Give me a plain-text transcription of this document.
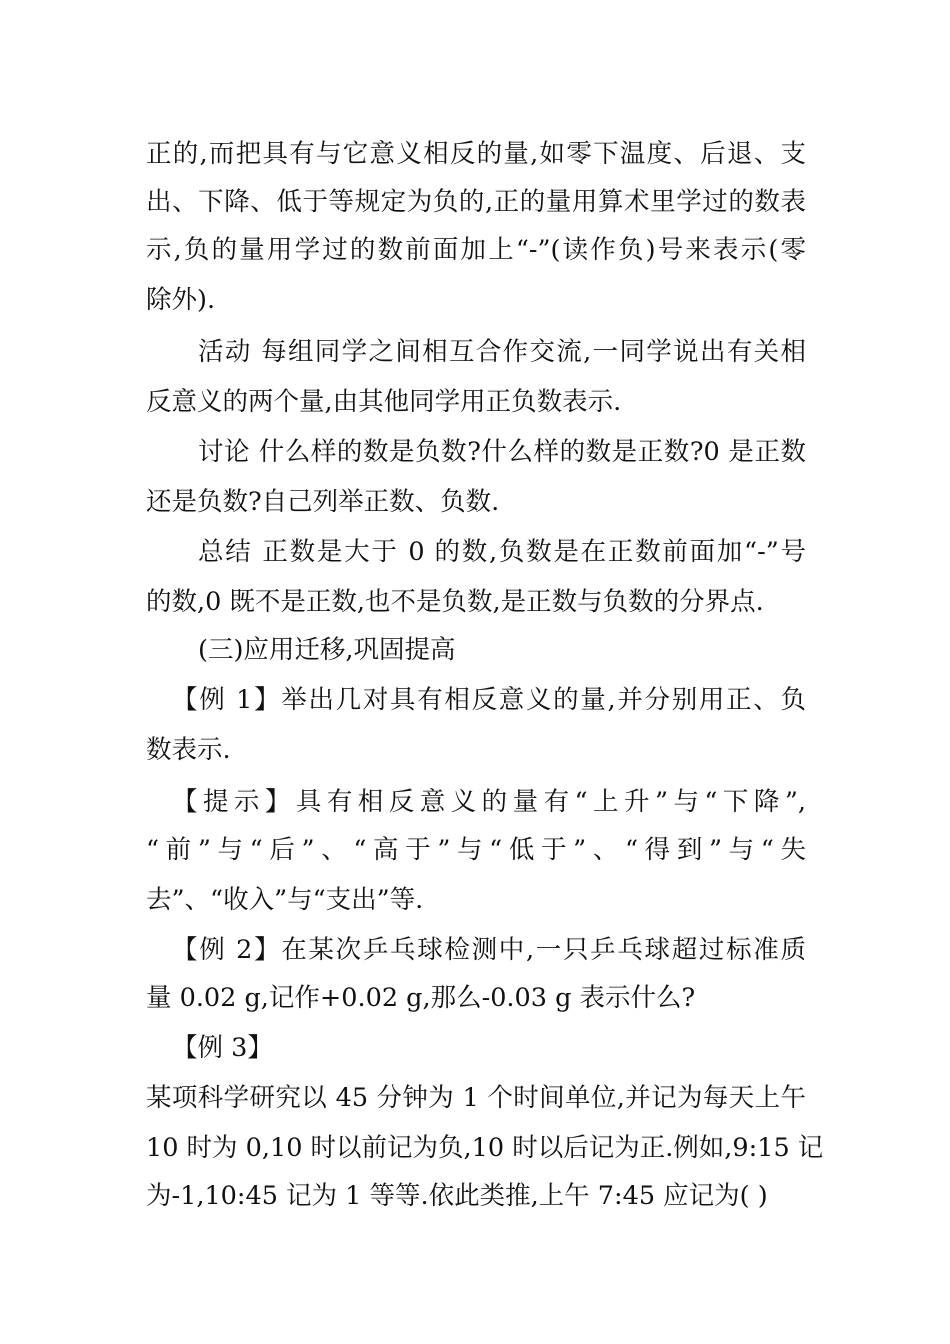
正的,而把具有与它意义相反的量,如零下温度、后退、支
出、下降、低于等规定为负的,正的量用算术里学过的数表
示,负的量用学过的数前面加上“-”(读作负)号来表示(零
除外).
活动 每组同学之间相互合作交流,一同学说出有关相
反意义的两个量,由其他同学用正负数表示.
讨论 什么样的数是负数?什么样的数是正数?0 是正数
还是负数?自己列举正数、负数.
总结 正数是大于 0 的数,负数是在正数前面加“-”号
的数,0 既不是正数,也不是负数,是正数与负数的分界点.
(三)应用迁移,巩固提高
【例 1】举出几对具有相反意义的量,并分别用正、负
数表示.
【提示】具有相反意义的量有“上升”与“下降”,
“前”与“后”、“高于”与“低于”、“得到”与“失
去”、“收入”与“支出”等.
【例 2】在某次乒乓球检测中,一只乒乓球超过标准质
量 0.02 g,记作+0.02 g,那么-0.03 g 表示什么?
【例 3】
某项科学研究以 45 分钟为 1 个时间单位,并记为每天上午
10 时为 0,10 时以前记为负,10 时以后记为正.例如,9:15 记
为-1,10:45 记为 1 等等.依此类推,上午 7:45 应记为( )
